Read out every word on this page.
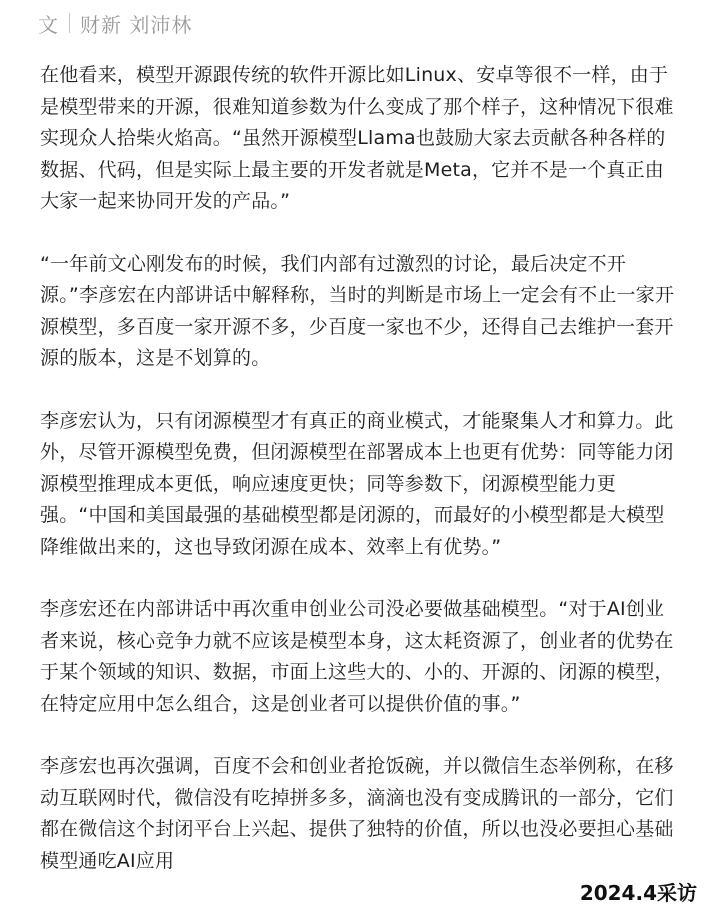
文 财新 刘沛林

在他看来，模型开源跟传统的软件开源比如Linux、安卓等很不一样，由于是模型带来的开源，很难知道参数为什么变成了那个样子，这种情况下很难实现众人拾柴火焰高。“虽然开源模型Llama也鼓励大家去贡献各种各样的数据、代码，但是实际上最主要的开发者就是Meta，它并不是一个真正由大家一起来协同开发的产品。”

“一年前文心刚发布的时候，我们内部有过激烈的讨论，最后决定不开源。”李彦宏在内部讲话中解释称，当时的判断是市场上一定会有不止一家开源模型，多百度一家开源不多，少百度一家也不少，还得自己去维护一套开源的版本，这是不划算的。

李彦宏认为，只有闭源模型才有真正的商业模式，才能聚集人才和算力。此外，尽管开源模型免费，但闭源模型在部署成本上也更有优势：同等能力闭源模型推理成本更低，响应速度更快；同等参数下，闭源模型能力更强。“中国和美国最强的基础模型都是闭源的，而最好的小模型都是大模型降维做出来的，这也导致闭源在成本、效率上有优势。”

李彦宏还在内部讲话中再次重申创业公司没必要做基础模型。“对于AI创业者来说，核心竞争力就不应该是模型本身，这太耗资源了，创业者的优势在于某个领域的知识、数据，市面上这些大的、小的、开源的、闭源的模型，在特定应用中怎么组合，这是创业者可以提供价值的事。”

李彦宏也再次强调，百度不会和创业者抢饭碗，并以微信生态举例称，在移动互联网时代，微信没有吃掉拼多多，滴滴也没有变成腾讯的一部分，它们都在微信这个封闭平台上兴起、提供了独特的价值，所以也没必要担心基础模型通吃AI应用

2024.4采访
